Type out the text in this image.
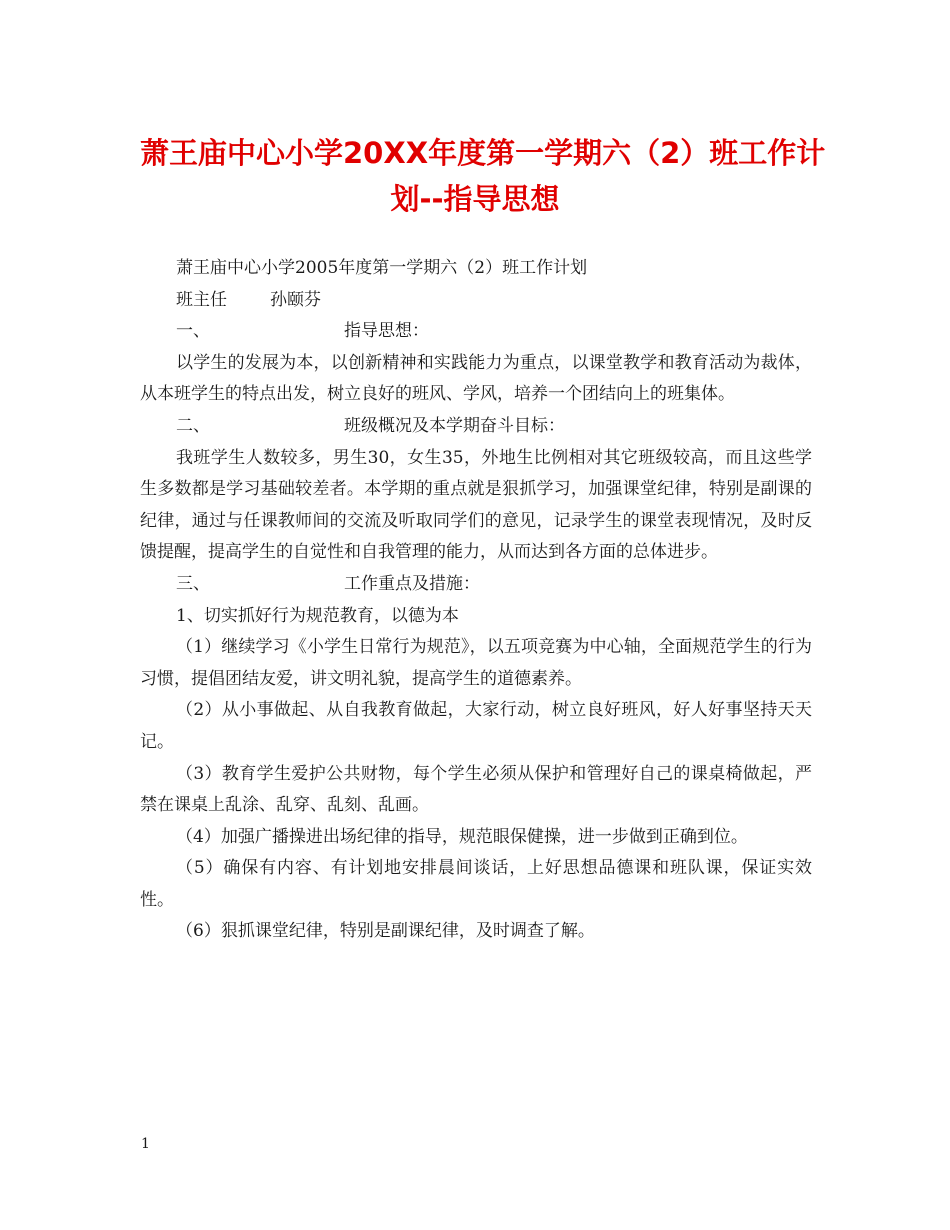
萧王庙中心小学20XX年度第一学期六（2）班工作计
划--指导思想

萧王庙中心小学2005年度第一学期六（2）班工作计划

班主任	孙颐芬

一、	指导思想：

以学生的发展为本，以创新精神和实践能力为重点，以课堂教学和教育活动为裁体，从本班学生的特点出发，树立良好的班风、学风，培养一个团结向上的班集体。

二、	班级概况及本学期奋斗目标：

我班学生人数较多，男生30，女生35，外地生比例相对其它班级较高，而且这些学生多数都是学习基础较差者。本学期的重点就是狠抓学习，加强课堂纪律，特别是副课的纪律，通过与任课教师间的交流及听取同学们的意见，记录学生的课堂表现情况，及时反馈提醒，提高学生的自觉性和自我管理的能力，从而达到各方面的总体进步。

三、	工作重点及措施：

1、切实抓好行为规范教育，以德为本

（1）继续学习《小学生日常行为规范》，以五项竞赛为中心轴，全面规范学生的行为习惯，提倡团结友爱，讲文明礼貌，提高学生的道德素养。

（2）从小事做起、从自我教育做起，大家行动，树立良好班风，好人好事坚持天天记。

（3）教育学生爱护公共财物，每个学生必须从保护和管理好自己的课桌椅做起，严禁在课桌上乱涂、乱穿、乱刻、乱画。

（4）加强广播操进出场纪律的指导，规范眼保健操，进一步做到正确到位。

（5）确保有内容、有计划地安排晨间谈话，上好思想品德课和班队课，保证实效性。

（6）狠抓课堂纪律，特别是副课纪律，及时调查了解。

1
